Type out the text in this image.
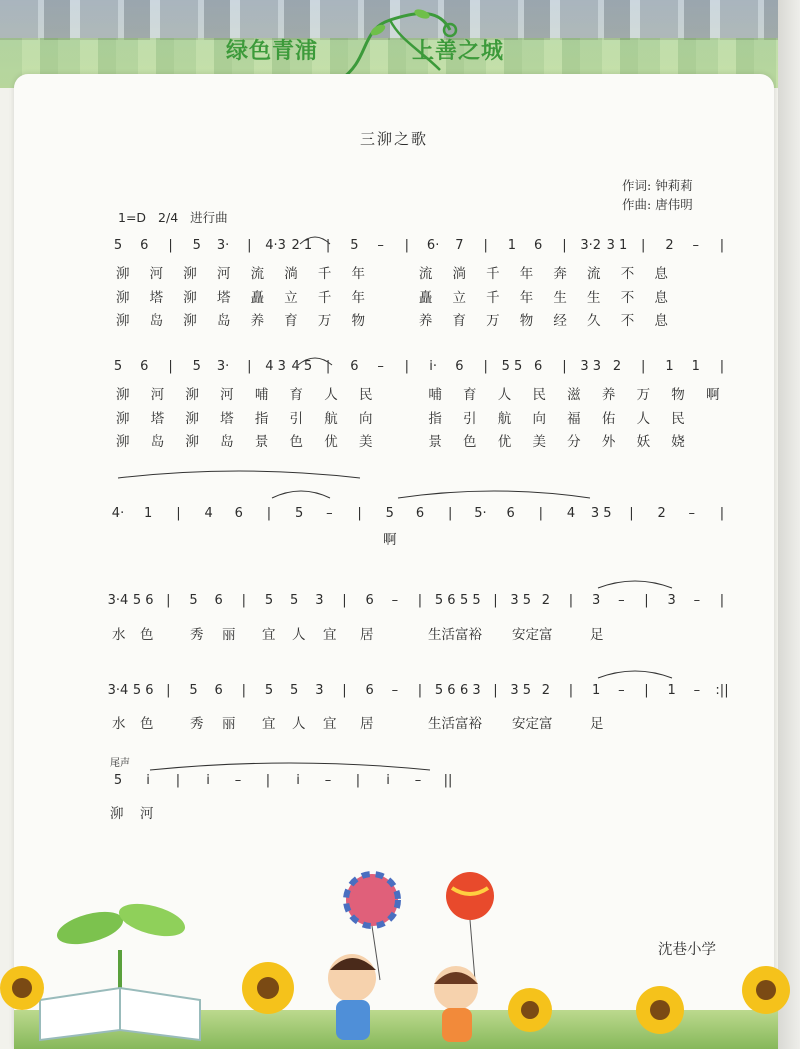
绿色青浦	上善之城
三泖之歌
作词: 钟莉莉
作曲: 唐伟明
1=D 2/4 进行曲
5 6 | 5 3· | 4·3 2 1 | 5 – | 6· 7 | 1 6 | 3·2 3 1 | 2 – |
泖 河 泖 河 流 淌 千 年	流 淌 千 年 奔 流 不 息
泖 塔 泖 塔 矗 立 千 年	矗 立 千 年 生 生 不 息
泖 岛 泖 岛 养 育 万 物	养 育 万 物 经 久 不 息
5 6 | 5 3· | 4 3 4 5 | 6 – | i· 6 | 5 5 6 | 3 3 2 | 1 1 |
泖 河 泖 河 哺 育 人 民	哺 育 人 民 滋 养 万 物 啊
泖 塔 泖 塔 指 引 航 向	指 引 航 向 福 佑 人 民
泖 岛 泖 岛 景 色 优 美	景 色 优 美 分 外 妖 娆
4· 1 | 4 6 | 5 – | 5 6 | 5· 6 | 4 3 5 | 2 – |
啊
3·4 5 6 | 5 6 | 5 5 3 | 6 – | 5 6 5 5 | 3 5 2 | 3 – | 3 – |
水 色	秀 丽 宜 人 宜 居	生活富裕 安定富	足
3·4 5 6 | 5 6 | 5 5 3 | 6 – | 5 6 6 3 | 3 5 2 | 1 – | 1 – :||
水 色	秀 丽 宜 人 宜 居	生活富裕 安定富	足
尾声
5 i | i – | i – | i – ||
泖 河
沈巷小学
